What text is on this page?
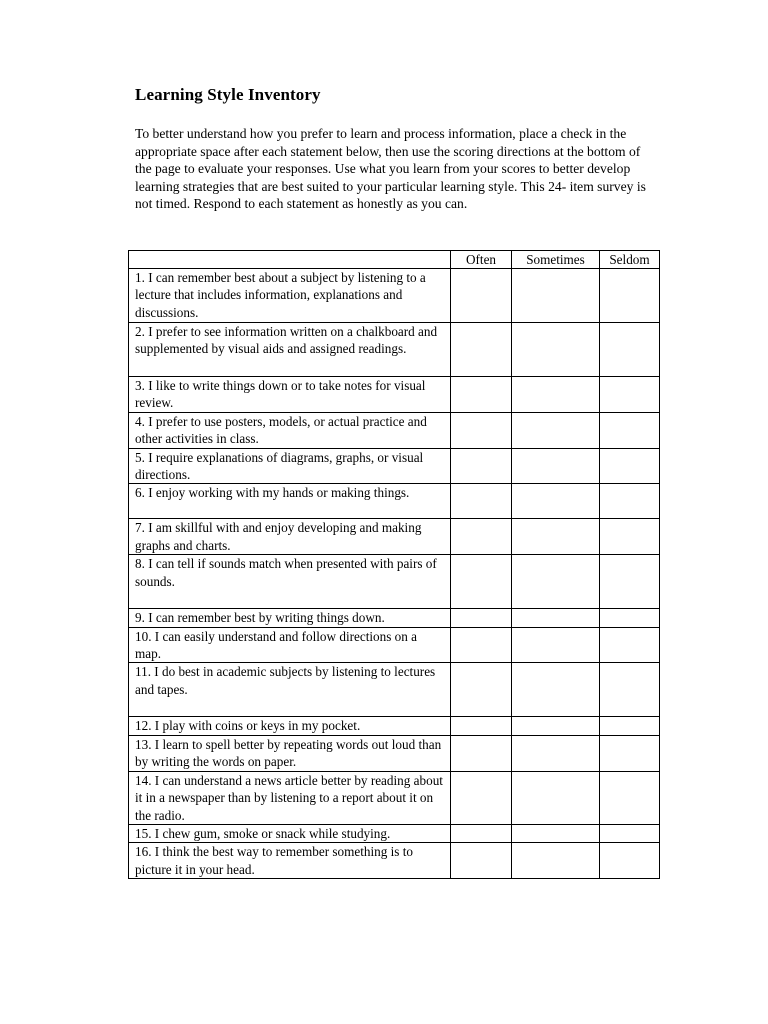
Learning Style Inventory

To better understand how you prefer to learn and process information, place a check in the appropriate space after each statement below, then use the scoring directions at the bottom of the page to evaluate your responses. Use what you learn from your scores to better develop learning strategies that are best suited to your particular learning style. This 24- item survey is not timed. Respond to each statement as honestly as you can.

	Often	Sometimes	Seldom
1. I can remember best about a subject by listening to a lecture that includes information, explanations and discussions.			
2. I prefer to see information written on a chalkboard and supplemented by visual aids and assigned readings.			
3. I like to write things down or to take notes for visual review.			
4. I prefer to use posters, models, or actual practice and other activities in class.			
5. I require explanations of diagrams, graphs, or visual directions.			
6. I enjoy working with my hands or making things.			
7. I am skillful with and enjoy developing and making graphs and charts.			
8. I can tell if sounds match when presented with pairs of sounds.			
9. I can remember best by writing things down.			
10. I can easily understand and follow directions on a map.			
11. I do best in academic subjects by listening to lectures and tapes.			
12. I play with coins or keys in my pocket.			
13. I learn to spell better by repeating words out loud than by writing the words on paper.			
14. I can understand a news article better by reading about it in a newspaper than by listening to a report about it on the radio.			
15. I chew gum, smoke or snack while studying.			
16. I think the best way to remember something is to picture it in your head.			
